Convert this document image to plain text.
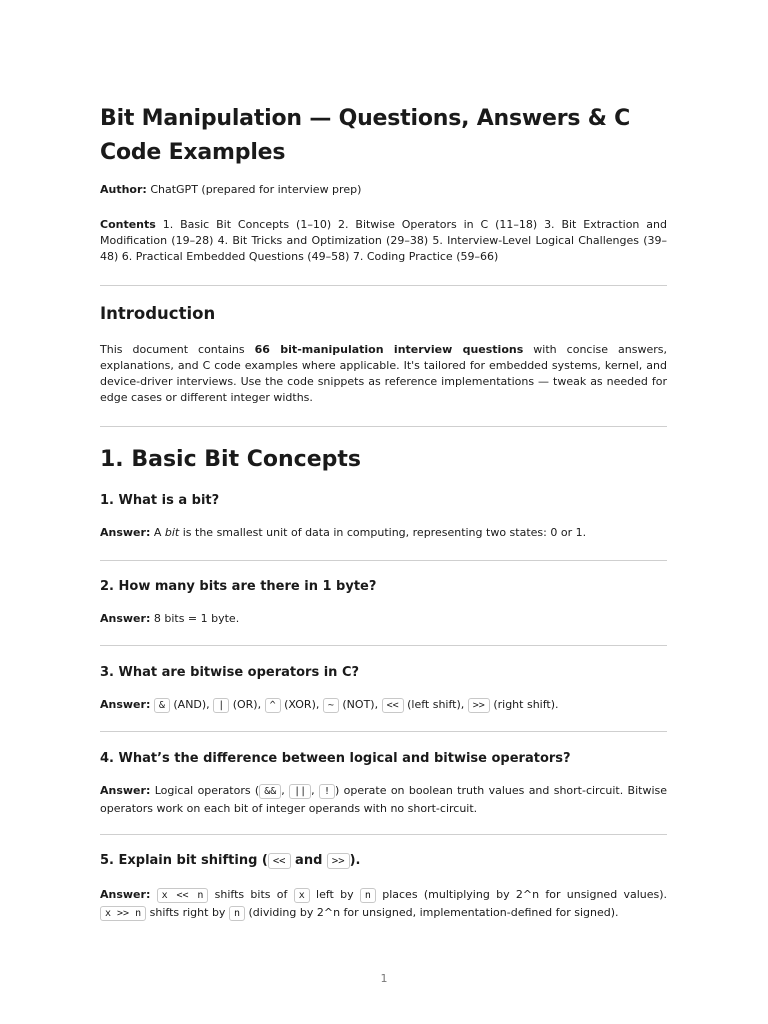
Bit Manipulation — Questions, Answers & C Code Examples
Author: ChatGPT (prepared for interview prep)
Contents 1. Basic Bit Concepts (1–10) 2. Bitwise Operators in C (11–18) 3. Bit Extraction and Modification (19–28) 4. Bit Tricks and Optimization (29–38) 5. Interview-Level Logical Challenges (39–48) 6. Practical Embedded Questions (49–58) 7. Coding Practice (59–66)
Introduction
This document contains 66 bit-manipulation interview questions with concise answers, explanations, and C code examples where applicable. It's tailored for embedded systems, kernel, and device-driver interviews. Use the code snippets as reference implementations — tweak as needed for edge cases or different integer widths.
1. Basic Bit Concepts
1. What is a bit?
Answer: A bit is the smallest unit of data in computing, representing two states: 0 or 1.
2. How many bits are there in 1 byte?
Answer: 8 bits = 1 byte.
3. What are bitwise operators in C?
Answer: & (AND), | (OR), ^ (XOR), ~ (NOT), << (left shift), >> (right shift).
4. What’s the difference between logical and bitwise operators?
Answer: Logical operators ( && , || , ! ) operate on boolean truth values and short-circuit. Bitwise operators work on each bit of integer operands with no short-circuit.
5. Explain bit shifting ( << and >> ).
Answer: x << n shifts bits of x left by n places (multiplying by 2^n for unsigned values). x >> n shifts right by n (dividing by 2^n for unsigned, implementation-defined for signed).
1
